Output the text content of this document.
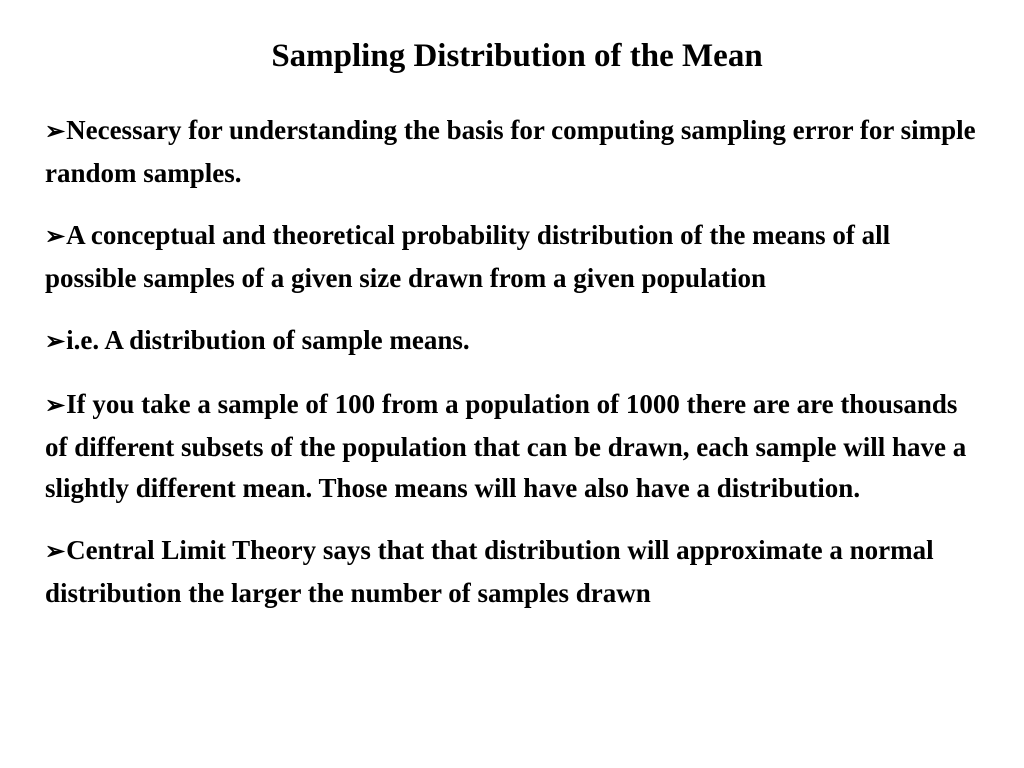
Sampling Distribution of the Mean
➢Necessary for understanding the basis for computing sampling error for simple random samples.
➢A conceptual and theoretical probability distribution of the means of all possible samples of a given size drawn from a given population
➢i.e. A distribution of sample means.
➢If you take a sample of 100 from a population of 1000 there are are thousands of different subsets of the population that can be drawn, each sample will have a slightly different mean. Those means will have also have a distribution.
➢Central Limit Theory says that that distribution will approximate a normal distribution the larger the number of samples drawn
